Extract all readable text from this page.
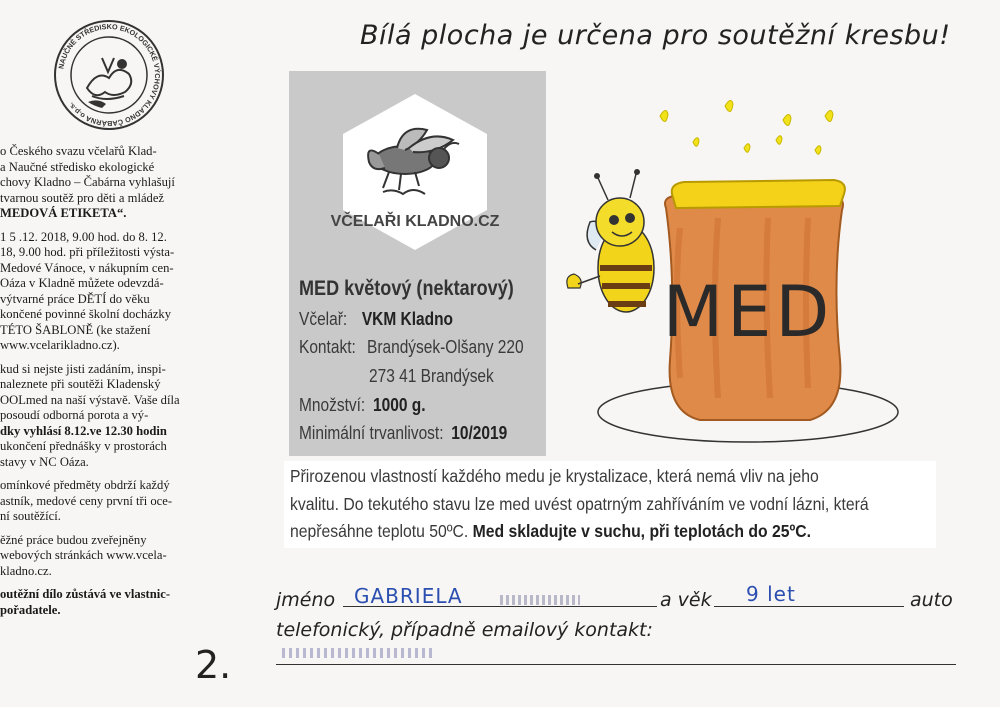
Bílá plocha je určena pro soutěžní kresbu!
NAUČNÉ STŘEDISKO EKOLOGICKÉ VÝCHOVY KLADNO ČABÁRNA o.p.s.

o Českého svazu včelařů Klad-
a Naučné středisko ekologické
chovy Kladno – Čabárna vyhlašují
tvarnou soutěž pro děti a mládež
MEDOVÁ ETIKETA“.

1 5 .12. 2018, 9.00 hod. do 8. 12.
18, 9.00 hod. při příležitosti výsta-
Medové Vánoce, v nákupním cen-
Oáza v Kladně můžete odevzdá-
výtvarné práce DĚTÍ do věku
končené povinné školní docházky
TÉTO ŠABLONĚ (ke stažení
www.vcelarikladno.cz).

kud si nejste jisti zadáním, inspi-
naleznete při soutěži Kladenský
OOLmed na naší výstavě. Vaše díla
posoudí odborná porota a vý-
dky vyhlásí 8.12.ve 12.30 hodin
ukončení přednášky v prostorách
stavy v NC Oáza.

omínkové předměty obdrží každý
astník, medové ceny první tři oce-
ní soutěžící.

ěžné práce budou zveřejněny
webových stránkách www.vcela-
kladno.cz.

outěžní dílo zůstává ve vlastnic-
pořadatele.

VČELAŘI KLADNO.CZ
MED květový (nektarový)
Včelař: VKM Kladno
Kontakt: Brandýsek-Olšany 220
273 41 Brandýsek
Množství: 1000 g.
Minimální trvanlivost: 10/2019
MED
Přirozenou vlastností každého medu je krystalizace, která nemá vliv na jeho
kvalitu. Do tekutého stavu lze med uvést opatrným zahříváním ve vodní lázni, která
nepřesáhne teplotu 50ºC. Med skladujte v suchu, při teplotách do 25ºC.
jméno GABRIELA	a věk 9 let	auto
telefonický, případně emailový kontakt:
2.
